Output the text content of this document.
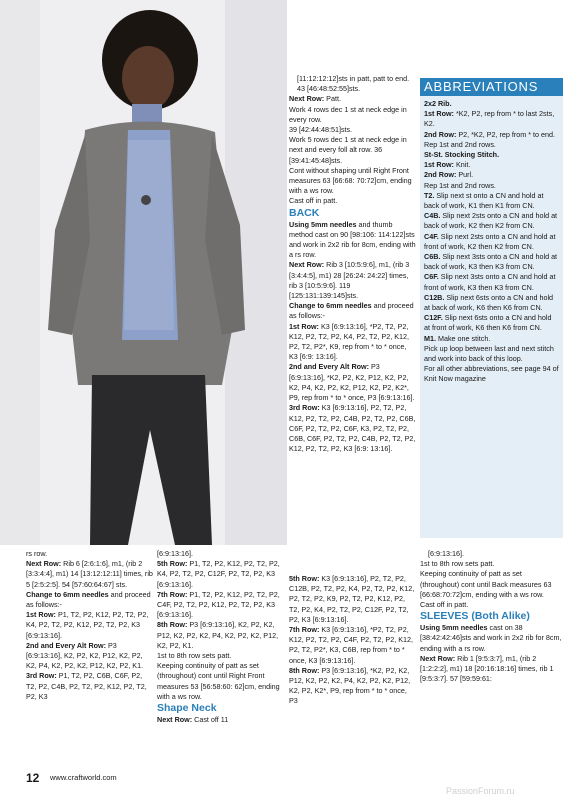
[11:12:12:12]sts in patt, patt to end. 43 [46:48:52:55]sts.

Next Row: Patt.

Work 4 rows dec 1 st at neck edge in every row.

39 [42:44:48:51]sts.

Work 5 rows dec 1 st at neck edge in next and every foll alt row. 36 [39:41:45:48]sts.

Cont without shaping until Right Front measures 63 [66:68: 70:72]cm, ending with a ws row.

Cast off in patt.

BACK

Using 5mm needles and thumb method cast on 90 [98:106: 114:122]sts and work in 2x2 rib for 8cm, ending with a rs row.

Next Row: Rib 3 [10:5:9:6], m1, (rib 3 [3:4:4:5], m1) 28 [26:24: 24:22] times, rib 3 [10:5:9:6]. 119 [125:131:139:145]sts.

Change to 6mm needles and proceed as follows:-

1st Row: K3 [6:9:13:16], *P2, T2, P2, K12, P2, T2, P2, K4, P2, T2, P2, K12, P2, T2, P2*, K9, rep from * to * once, K3 [6:9: 13:16].

2nd and Every Alt Row: P3 [6:9:13:16], *K2, P2, K2, P12, K2, P2, K2, P4, K2, P2, K2, P12, K2, P2, K2*, P9, rep from * to * once, P3 [6:9:13:16].

3rd Row: K3 [6:9:13:16], P2, T2, P2, K12, P2, T2, P2, C4B, P2, T2, P2, C6B, C6F, P2, T2, P2, C6F, K3, P2, T2, P2, C6B, C6F, P2, T2, P2, C4B, P2, T2, P2, K12, P2, T2, P2, K3 [6:9: 13:16].

ABBREVIATIONS

2x2 Rib.

1st Row: *K2, P2, rep from * to last 2sts, K2.

2nd Row: P2, *K2, P2, rep from * to end.

Rep 1st and 2nd rows.

St-St. Stocking Stitch.

1st Row: Knit.

2nd Row: Purl.

Rep 1st and 2nd rows.

T2. Slip next st onto a CN and hold at back of work, K1 then K1 from CN.

C4B. Slip next 2sts onto a CN and hold at back of work, K2 then K2 from CN.

C4F. Slip next 2sts onto a CN and hold at front of work, K2 then K2 from CN.

C6B. Slip next 3sts onto a CN and hold at back of work, K3 then K3 from CN.

C6F. Slip next 3sts onto a CN and hold at front of work, K3 then K3 from CN.

C12B. Slip next 6sts onto a CN and hold at back of work, K6 then K6 from CN.

C12F. Slip next 6sts onto a CN and hold at front of work, K6 then K6 from CN.

M1. Make one stitch.

Pick up loop between last and next stitch and work into back of this loop.

For all other abbreviations, see page 94 of Knit Now magazine

rs row.

Next Row: Rib 6 [2:6:1:6], m1, (rib 2 [3:3:4:4], m1) 14 [13:12:12:11] times, rib 5 [2:5:2:5]. 54 [57:60:64:67] sts.

Change to 6mm needles and proceed as follows:-

1st Row: P1, T2, P2, K12, P2, T2, P2, K4, P2, T2, P2, K12, P2, T2, P2, K3 [6:9:13:16].

2nd and Every Alt Row: P3 [6:9:13:16], K2, P2, K2, P12, K2, P2, K2, P4, K2, P2, K2, P12, K2, P2, K1.

3rd Row: P1, T2, P2, C6B, C6F, P2, T2, P2, C4B, P2, T2, P2, K12, P2, T2, P2, K3

[6:9:13:16].

5th Row: P1, T2, P2, K12, P2, T2, P2, K4, P2, T2, P2, C12F, P2, T2, P2, K3 [6:9:13:16].

7th Row: P1, T2, P2, K12, P2, T2, P2, C4F, P2, T2, P2, K12, P2, T2, P2, K3 [6:9:13:16].

8th Row: P3 [6:9:13:16], K2, P2, K2, P12, K2, P2, K2, P4, K2, P2, K2, P12, K2, P2, K1.

1st to 8th row sets patt.

Keeping continuity of patt as set (throughout) cont until Right Front measures 53 [56:58:60: 62]cm, ending with a ws row.

Shape Neck

Next Row: Cast off 11

5th Row: K3 [6:9:13:16], P2, T2, P2, C12B, P2, T2, P2, K4, P2, T2, P2, K12, P2, T2, P2, K9, P2, T2, P2, K12, P2, T2, P2, K4, P2, T2, P2, C12F, P2, T2, P2, K3 [6:9:13:16].

7th Row: K3 [6:9:13:16], *P2, T2, P2, K12, P2, T2, P2, C4F, P2, T2, P2, K12, P2, T2, P2*, K3, C6B, rep from * to * once, K3 [6:9:13:16].

8th Row: P3 [6:9:13:16], *K2, P2, K2, P12, K2, P2, K2, P4, K2, P2, K2, P12, K2, P2, K2*, P9, rep from * to * once, P3

[6:9:13:16].

1st to 8th row sets patt.

Keeping continuity of patt as set (throughout) cont until Back measures 63 [66:68:70:72]cm, ending with a ws row.

Cast off in patt.

SLEEVES (Both Alike)

Using 5mm needles cast on 38 [38:42:42:46]sts and work in 2x2 rib for 8cm, ending with a rs row.

Next Row: Rib 1 [9:5:3:7], m1, (rib 2 [1:2:2:2], m1) 18 [20:16:18:16] times, rib 1 [9:5:3:7]. 57 [59:59:61:

12 www.craftworld.com
PassionForum.ru
